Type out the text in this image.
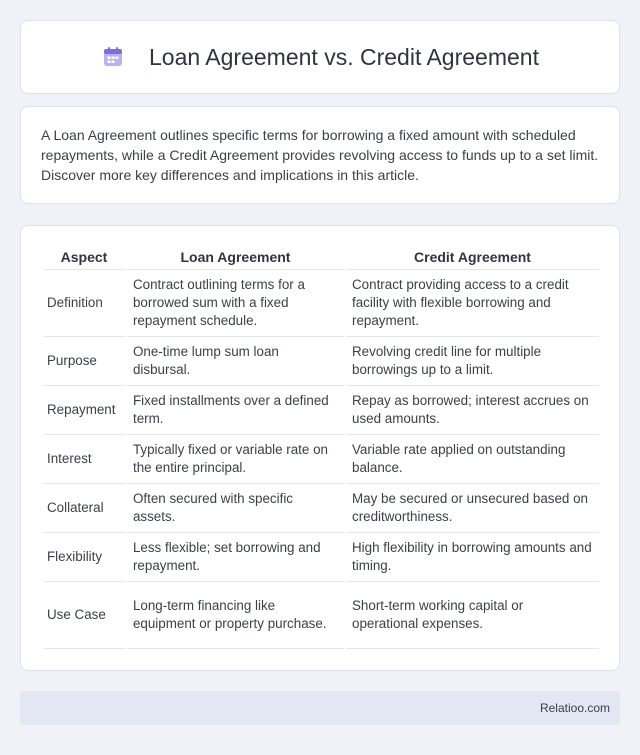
Loan Agreement vs. Credit Agreement

A Loan Agreement outlines specific terms for borrowing a fixed amount with scheduled repayments, while a Credit Agreement provides revolving access to funds up to a set limit. Discover more key differences and implications in this article.

Aspect	Loan Agreement	Credit Agreement
Definition	Contract outlining terms for a borrowed sum with a fixed repayment schedule.	Contract providing access to a credit facility with flexible borrowing and repayment.
Purpose	One-time lump sum loan disbursal.	Revolving credit line for multiple borrowings up to a limit.
Repayment	Fixed installments over a defined term.	Repay as borrowed; interest accrues on used amounts.
Interest	Typically fixed or variable rate on the entire principal.	Variable rate applied on outstanding balance.
Collateral	Often secured with specific assets.	May be secured or unsecured based on creditworthiness.
Flexibility	Less flexible; set borrowing and repayment.	High flexibility in borrowing amounts and timing.
Use Case	Long-term financing like equipment or property purchase.	Short-term working capital or operational expenses.
Relatioo.com
